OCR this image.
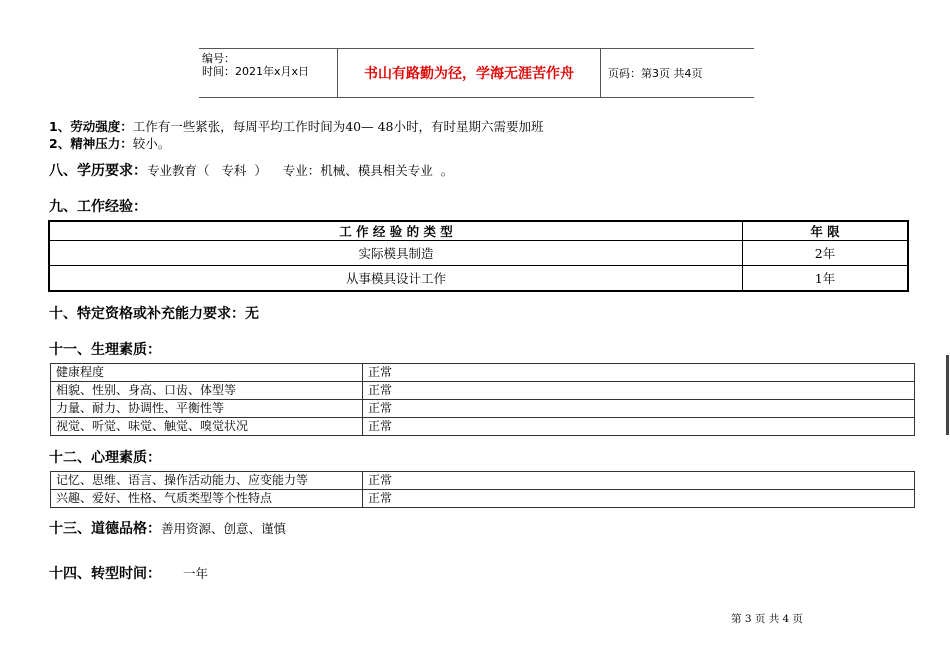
编号：
时间：2021年x月x日	书山有路勤为径，学海无涯苦作舟	页码：第3页 共4页
1、劳动强度：工作有一些紧张，每周平均工作时间为40— 48小时，有时星期六需要加班
2、精神压力：较小。
八、学历要求：专业教育（   专科  ）    专业：机械、模具相关专业  。
九、工作经验：
工 作 经 验 的 类 型	年 限
实际模具制造	2年
从事模具设计工作	1年
十、特定资格或补充能力要求：无
十一、生理素质：
健康程度	正常
相貌、性别、身高、口齿、体型等	正常
力量、耐力、协调性、平衡性等	正常
视觉、听觉、味觉、触觉、嗅觉状况	正常
十二、心理素质：
记忆、思维、语言、操作活动能力、应变能力等	正常
兴趣、爱好、性格、气质类型等个性特点	正常
十三、道德品格：善用资源、创意、谨慎
十四、转型时间： 一年
第 3 页 共 4 页
